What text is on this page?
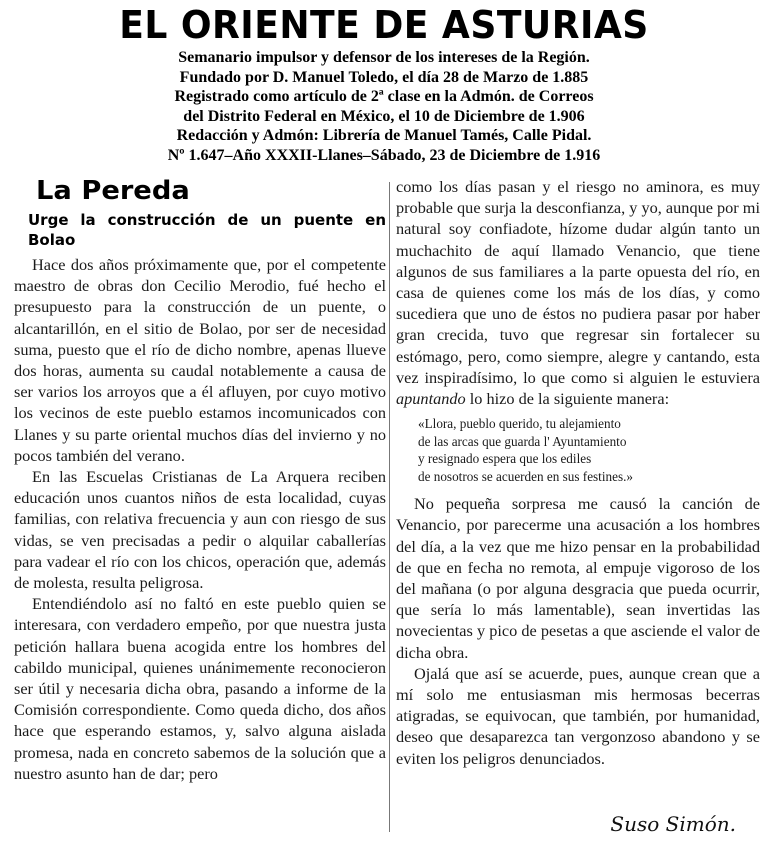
EL ORIENTE DE ASTURIAS

Semanario impulsor y defensor de los intereses de la Región.

Fundado por D. Manuel Toledo, el día 28 de Marzo de 1.885

Registrado como artículo de 2ª clase en la Admón. de Correos

del Distrito Federal en México, el 10 de Diciembre de 1.906

Redacción y Admón: Librería de Manuel Tamés, Calle Pidal.

Nº 1.647–Año XXXII-Llanes–Sábado, 23 de Diciembre de 1.916

La Pereda
Urge la construcción de un puente en Bolao

Hace dos años próximamente que, por el competente maestro de obras don Cecilio Merodio, fué hecho el presupuesto para la construcción de un puente, o alcantarillón, en el sitio de Bolao, por ser de necesidad suma, puesto que el río de dicho nombre, apenas llueve dos horas, aumenta su caudal notablemente a causa de ser varios los arroyos que a él afluyen, por cuyo motivo los vecinos de este pueblo estamos incomunicados con Llanes y su parte oriental muchos días del invierno y no pocos también del verano.

En las Escuelas Cristianas de La Arquera reciben educación unos cuantos niños de esta localidad, cuyas familias, con relativa frecuencia y aun con riesgo de sus vidas, se ven precisadas a pedir o alquilar caballerías para vadear el río con los chicos, operación que, además de molesta, resulta peligrosa.

Entendiéndolo así no faltó en este pueblo quien se interesara, con verdadero empeño, por que nuestra justa petición hallara buena acogida entre los hombres del cabildo municipal, quienes unánimemente reconocieron ser útil y necesaria dicha obra, pasando a informe de la Comisión correspondiente. Como queda dicho, dos años hace que esperando estamos, y, salvo alguna aislada promesa, nada en concreto sabemos de la solución que a nuestro asunto han de dar; pero

como los días pasan y el riesgo no aminora, es muy probable que surja la desconfianza, y yo, aunque por mi natural soy confiadote, hízome dudar algún tanto un muchachito de aquí llamado Venancio, que tiene algunos de sus familiares a la parte opuesta del río, en casa de quienes come los más de los días, y como sucediera que uno de éstos no pudiera pasar por haber gran crecida, tuvo que regresar sin fortalecer su estómago, pero, como siempre, alegre y cantando, esta vez inspiradísimo, lo que como si alguien le estuviera apuntando lo hizo de la siguiente manera:

«Llora, pueblo querido, tu alejamiento
de las arcas que guarda l' Ayuntamiento
y resignado espera que los ediles
de nosotros se acuerden en sus festines.»

No pequeña sorpresa me causó la canción de Venancio, por parecerme una acusación a los hombres del día, a la vez que me hizo pensar en la probabilidad de que en fecha no remota, al empuje vigoroso de los del mañana (o por alguna desgracia que pueda ocurrir, que sería lo más lamentable), sean invertidas las novecientas y pico de pesetas a que asciende el valor de dicha obra.

Ojalá que así se acuerde, pues, aunque crean que a mí solo me entusiasman mis hermosas becerras atigradas, se equivocan, que también, por humanidad, deseo que desaparezca tan vergonzoso abandono y se eviten los peligros denunciados.

Suso Simón.
